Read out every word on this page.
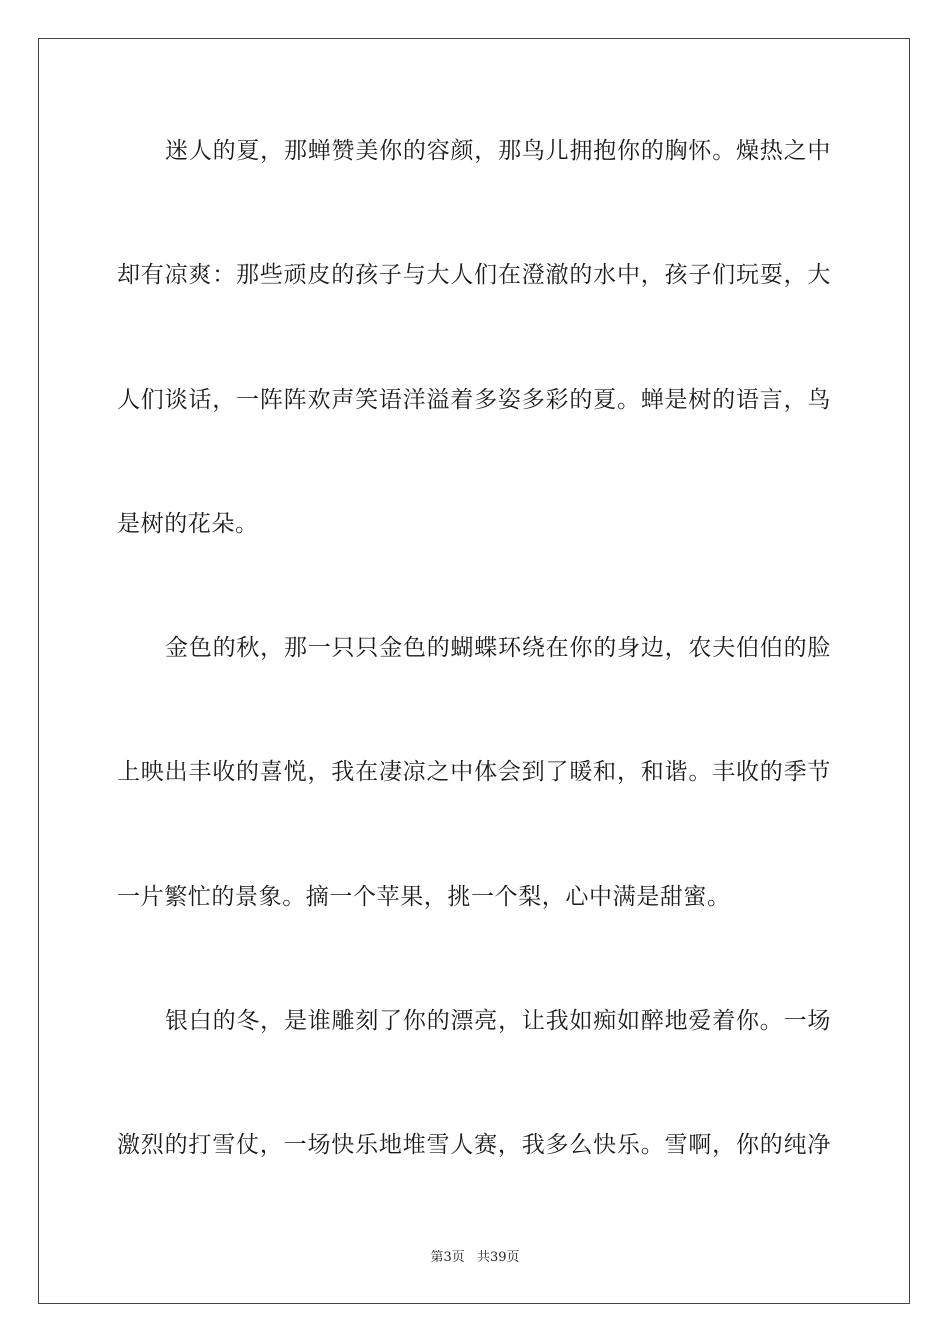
迷人的夏，那蝉赞美你的容颜，那鸟儿拥抱你的胸怀。燥热之中
却有凉爽：那些顽皮的孩子与大人们在澄澈的水中，孩子们玩耍，大
人们谈话，一阵阵欢声笑语洋溢着多姿多彩的夏。蝉是树的语言，鸟
是树的花朵。
金色的秋，那一只只金色的蝴蝶环绕在你的身边，农夫伯伯的脸
上映出丰收的喜悦，我在凄凉之中体会到了暖和，和谐。丰收的季节
一片繁忙的景象。摘一个苹果，挑一个梨，心中满是甜蜜。
银白的冬，是谁雕刻了你的漂亮，让我如痴如醉地爱着你。一场
激烈的打雪仗，一场快乐地堆雪人赛，我多么快乐。雪啊，你的纯净
第3页 共39页
